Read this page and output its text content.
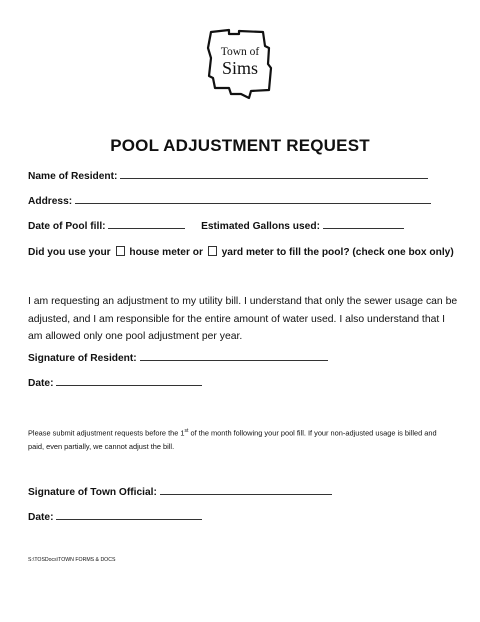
Town of
Sims
POOL ADJUSTMENT REQUEST
Name of Resident:
Address:
Date of Pool fill:	Estimated Gallons used:
Did you use your house meter or yard meter to fill the pool? (check one box only)
I am requesting an adjustment to my utility bill. I understand that only the sewer usage can be adjusted, and I am responsible for the entire amount of water used. I also understand that I am allowed only one pool adjustment per year.
Signature of Resident:
Date:
Please submit adjustment requests before the 1st of the month following your pool fill. If your non-adjusted usage is billed and paid, even partially, we cannot adjust the bill.
Signature of Town Official:
Date:
S:\TOSDocs\TOWN FORMS & DOCS
